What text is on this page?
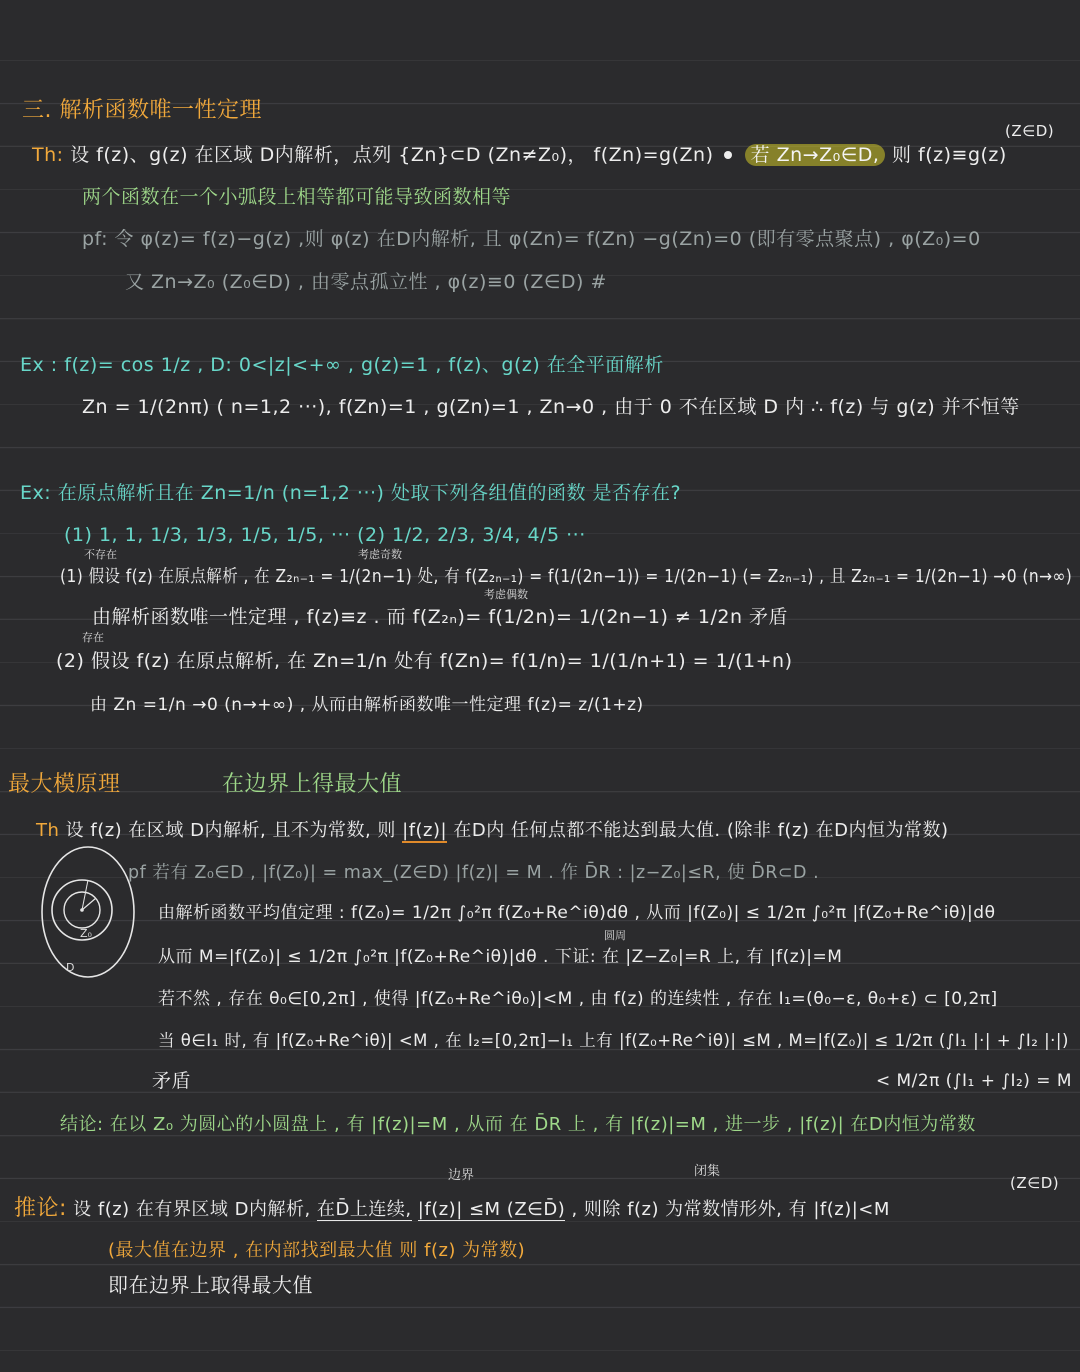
三. 解析函数唯一性定理
(Z∈D)
Th: 设 f(z)、g(z) 在区域 D内解析，点列 {Zn}⊂D (Zn≠Z₀)， f(Zn)=g(Zn) 若 Zn→Z₀∈D, 则 f(z)≡g(z)
两个函数在一个小弧段上相等都可能导致函数相等
pf: 令 φ(z)= f(z)−g(z) ,则 φ(z) 在D内解析, 且 φ(Zn)= f(Zn) −g(Zn)=0 (即有零点聚点) , φ(Z₀)=0
又 Zn→Z₀ (Z₀∈D) , 由零点孤立性 , φ(z)≡0 (Z∈D) #
Ex : f(z)= cos 1/z , D: 0<|z|<+∞ , g(z)=1 , f(z)、g(z) 在全平面解析
Zn = 1/(2nπ) ( n=1,2 ···), f(Zn)=1 , g(Zn)=1 , Zn→0 , 由于 0 不在区域 D 内 ∴ f(z) 与 g(z) 并不恒等
Ex: 在原点解析且在 Zn=1/n (n=1,2 ···) 处取下列各组值的函数 是否存在?
(1) 1, 1, 1/3, 1/3, 1/5, 1/5, ··· (2) 1/2, 2/3, 3/4, 4/5 ···
不存在	考虑奇数
(1) 假设 f(z) 在原点解析 , 在 Z₂ₙ₋₁ = 1/(2n−1) 处, 有 f(Z₂ₙ₋₁) = f(1/(2n−1)) = 1/(2n−1) (= Z₂ₙ₋₁) , 且 Z₂ₙ₋₁ = 1/(2n−1) →0 (n→∞)
考虑偶数
由解析函数唯一性定理 , f(z)≡z . 而 f(Z₂ₙ)= f(1/2n)= 1/(2n−1) ≠ 1/2n 矛盾
存在
(2) 假设 f(z) 在原点解析, 在 Zn=1/n 处有 f(Zn)= f(1/n)= 1/(1/n+1) = 1/(1+n)
由 Zn =1/n →0 (n→+∞) , 从而由解析函数唯一性定理 f(z)= z/(1+z)
最大模原理	在边界上得最大值
Th 设 f(z) 在区域 D内解析, 且不为常数, 则 |f(z)| 在D内 任何点都不能达到最大值. (除非 f(z) 在D内恒为常数)
Z₀
D
pf 若有 Z₀∈D , |f(Z₀)| = max_(Z∈D) |f(z)| = M . 作 D̄R : |z−Z₀|≤R, 使 D̄R⊂D .
由解析函数平均值定理 : f(Z₀)= 1/2π ∫₀²π f(Z₀+Re^iθ)dθ , 从而 |f(Z₀)| ≤ 1/2π ∫₀²π |f(Z₀+Re^iθ)|dθ
圆周
从而 M=|f(Z₀)| ≤ 1/2π ∫₀²π |f(Z₀+Re^iθ)|dθ . 下证: 在 |Z−Z₀|=R 上, 有 |f(z)|=M
若不然 , 存在 θ₀∈[0,2π] , 使得 |f(Z₀+Re^iθ₀)|<M , 由 f(z) 的连续性 , 存在 I₁=(θ₀−ε, θ₀+ε) ⊂ [0,2π]
当 θ∈I₁ 时, 有 |f(Z₀+Re^iθ)| <M , 在 I₂=[0,2π]−I₁ 上有 |f(Z₀+Re^iθ)| ≤M , M=|f(Z₀)| ≤ 1/2π (∫I₁ |·| + ∫I₂ |·|)
矛盾	< M/2π (∫I₁ + ∫I₂) = M
结论: 在以 Z₀ 为圆心的小圆盘上 , 有 |f(z)|=M , 从而 在 D̄R 上 , 有 |f(z)|=M , 进一步 , |f(z)| 在D内恒为常数
边界	闭集
(Z∈D)
推论: 设 f(z) 在有界区域 D内解析, 在D̄上连续, |f(z)| ≤M (Z∈D̄) , 则除 f(z) 为常数情形外, 有 |f(z)|<M
(最大值在边界 , 在内部找到最大值 则 f(z) 为常数)
即在边界上取得最大值
